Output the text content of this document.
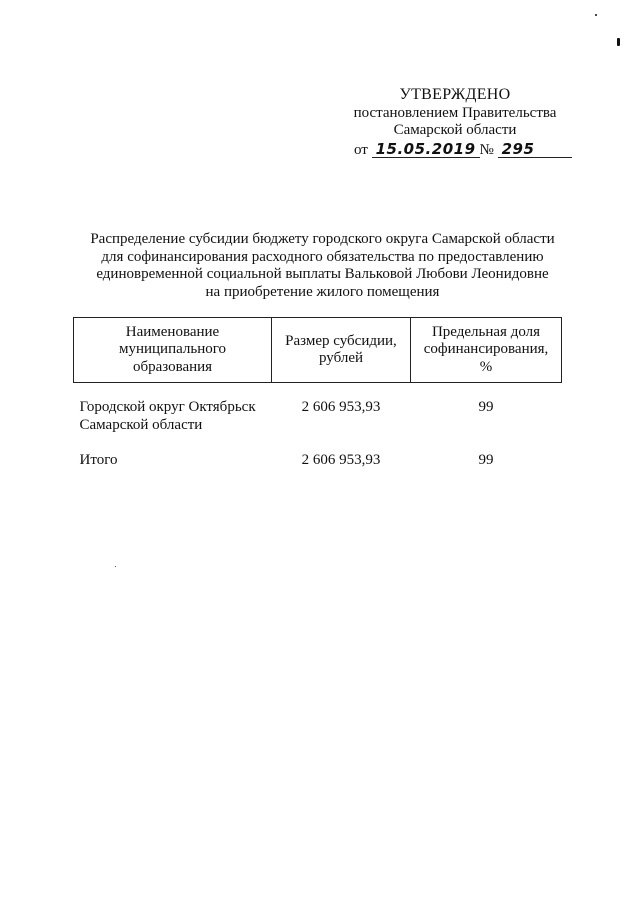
УТВЕРЖДЕНО
постановлением Правительства
Самарской области
от 15.05.2019 № 295
Распределение субсидии бюджету городского округа Самарской области
для софинансирования расходного обязательства по предоставлению
единовременной социальной выплаты Вальковой Любови Леонидовне
на приобретение жилого помещения
Наименование муниципального образования	Размер субсидии, рублей	Предельная доля софинансирования, %

Городской округ Октябрьск
Самарской области	2 606 953,93	99
Итого	2 606 953,93	99
